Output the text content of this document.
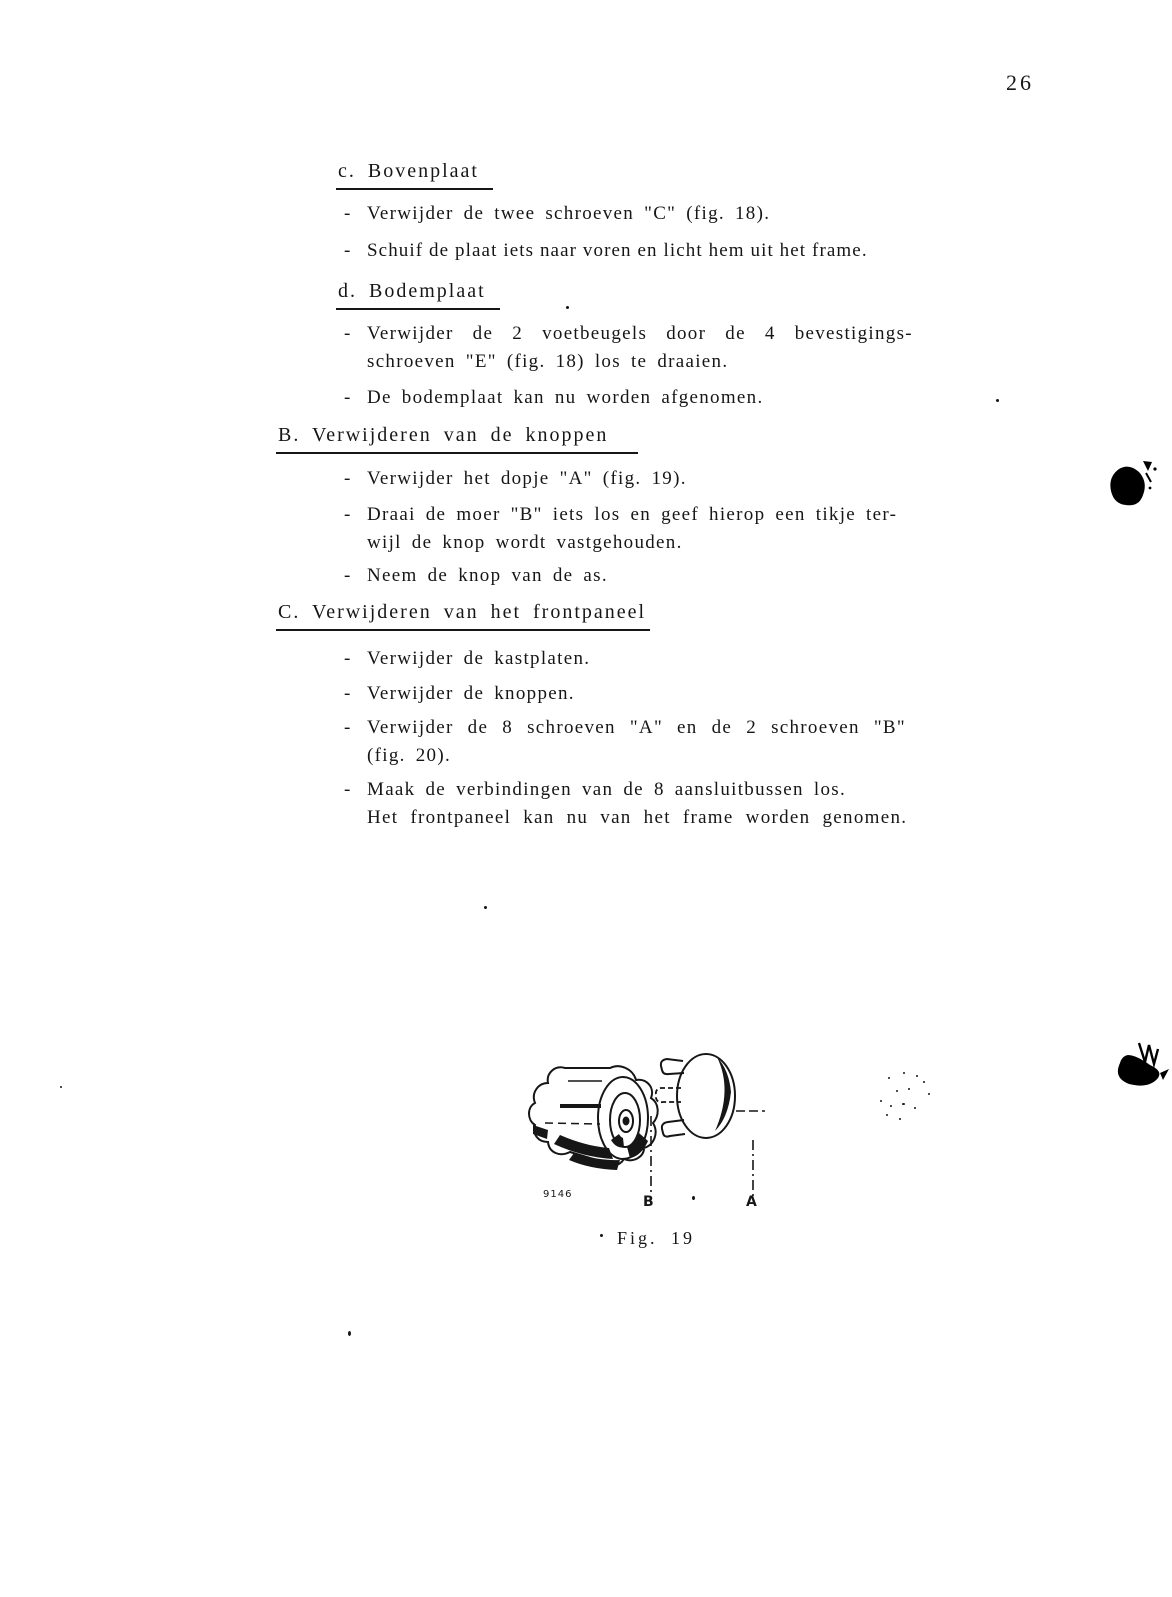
26
c. Bovenplaat
- Verwijder de twee schroeven "C" (fig. 18).
- Schuif de plaat iets naar voren en licht hem uit het frame.
d. Bodemplaat
- Verwijder de 2 voetbeugels door de 4 bevestigings-
schroeven "E" (fig. 18) los te draaien.
- De bodemplaat kan nu worden afgenomen.
B. Verwijderen van de knoppen
- Verwijder het dopje "A" (fig. 19).
- Draai de moer "B" iets los en geef hierop een tikje ter-
wijl de knop wordt vastgehouden.
- Neem de knop van de as.
C. Verwijderen van het frontpaneel
- Verwijder de kastplaten.
- Verwijder de knoppen.
- Verwijder de 8 schroeven "A" en de 2 schroeven "B"
(fig. 20).
- Maak de verbindingen van de 8 aansluitbussen los.
Het frontpaneel kan nu van het frame worden genomen.
B	A
9146
Fig. 19
